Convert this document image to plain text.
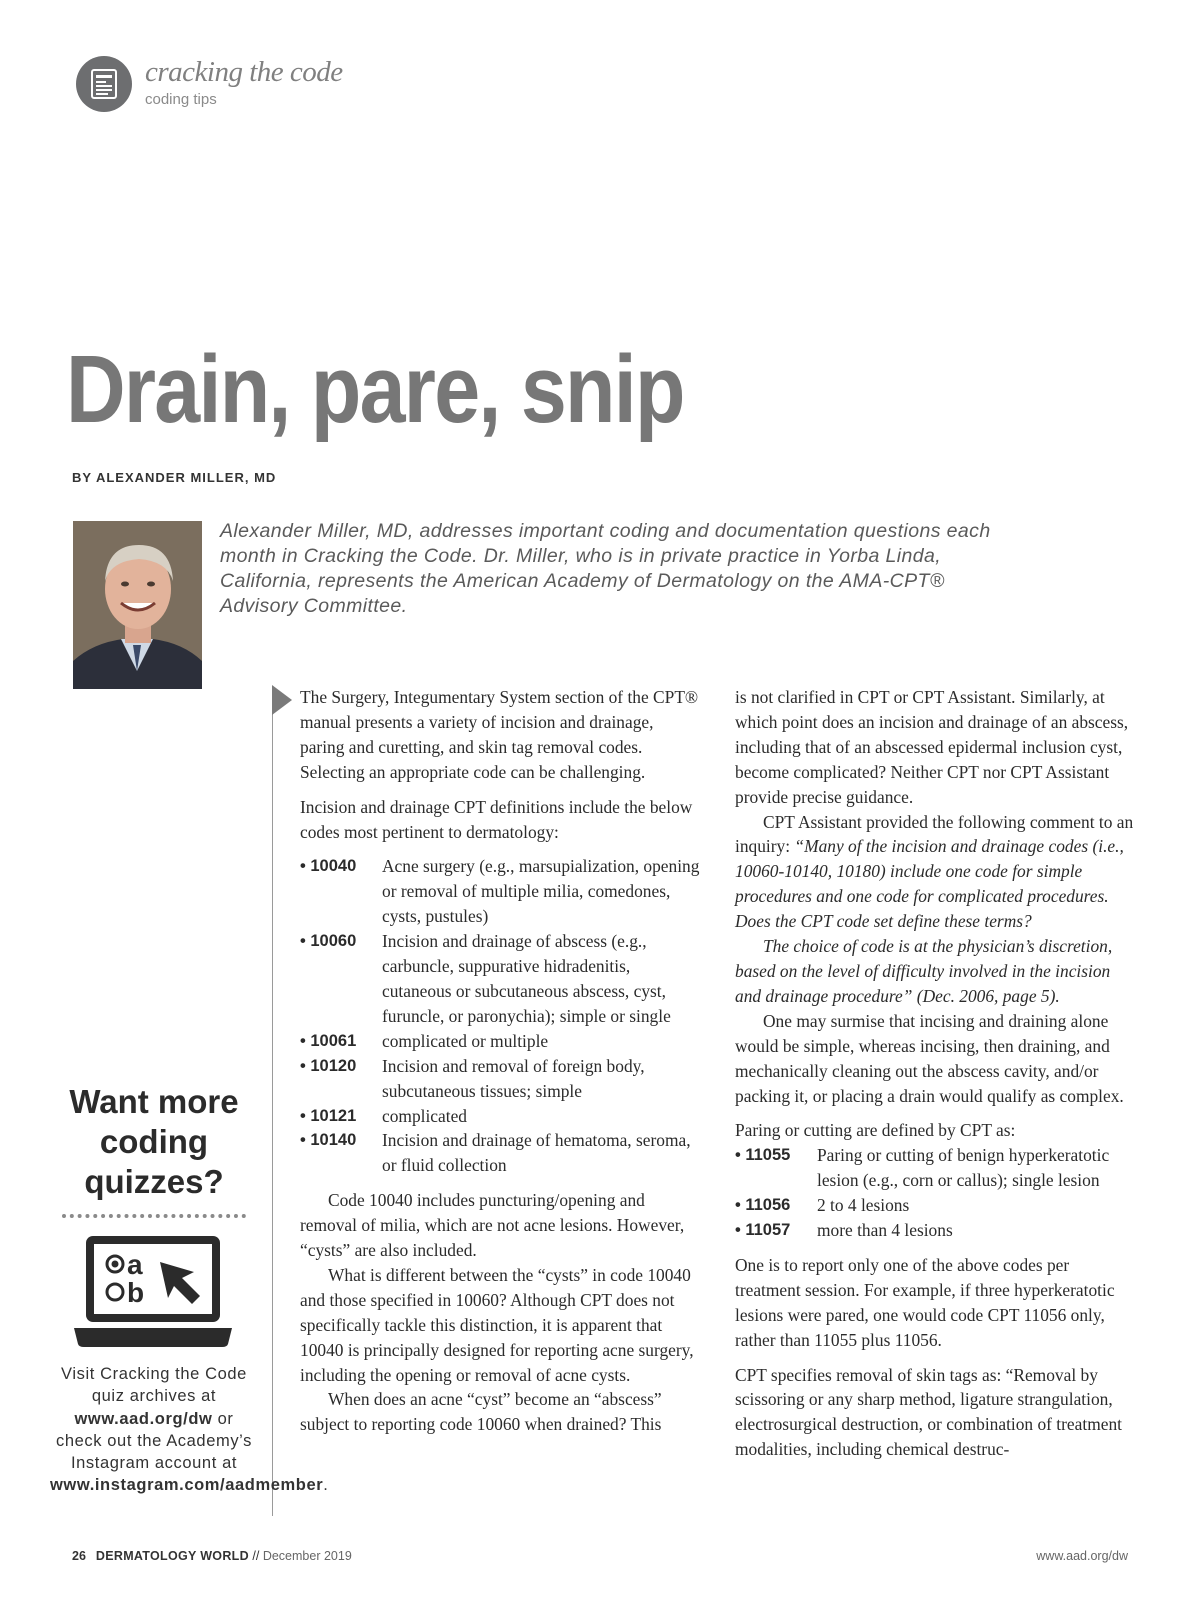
cracking the code
coding tips
Drain, pare, snip
BY ALEXANDER MILLER, MD
Alexander Miller, MD, addresses important coding and documentation questions each month in Cracking the Code. Dr. Miller, who is in private practice in Yorba Linda, California, represents the American Academy of Dermatology on the AMA-CPT® Advisory Committee.
Want more coding quizzes?
a
b
Visit Cracking the Code quiz archives at www.aad.org/dw or check out the Academy’s Instagram account at www.instagram.com/aadmember.

The Surgery, Integumentary System section of the CPT® manual presents a variety of incision and drainage, paring and curetting, and skin tag removal codes. Selecting an appropriate code can be challenging.

Incision and drainage CPT definitions include the below codes most pertinent to dermatology:

• 10040	Acne surgery (e.g., marsupialization, opening or removal of multiple milia, comedones, cysts, pustules)
• 10060	Incision and drainage of abscess (e.g., carbuncle, suppurative hidradenitis, cutaneous or subcutaneous abscess, cyst, furuncle, or paronychia); simple or single
• 10061	complicated or multiple
• 10120	Incision and removal of foreign body, subcutaneous tissues; simple
• 10121	complicated
• 10140	Incision and drainage of hematoma, seroma, or fluid collection

Code 10040 includes puncturing/opening and removal of milia, which are not acne lesions. However, “cysts” are also included.

What is different between the “cysts” in code 10040 and those specified in 10060? Although CPT does not specifically tackle this distinction, it is apparent that 10040 is principally designed for reporting acne surgery, including the opening or removal of acne cysts.

When does an acne “cyst” become an “abscess” subject to reporting code 10060 when drained? This

is not clarified in CPT or CPT Assistant. Similarly, at which point does an incision and drainage of an abscess, including that of an abscessed epidermal inclusion cyst, become complicated? Neither CPT nor CPT Assistant provide precise guidance.

CPT Assistant provided the following comment to an inquiry: “Many of the incision and drainage codes (i.e., 10060-10140, 10180) include one code for simple procedures and one code for complicated procedures. Does the CPT code set define these terms?

The choice of code is at the physician’s discretion, based on the level of difficulty involved in the incision and drainage procedure” (Dec. 2006, page 5).

One may surmise that incising and draining alone would be simple, whereas incising, then draining, and mechanically cleaning out the abscess cavity, and/or packing it, or placing a drain would qualify as complex.

Paring or cutting are defined by CPT as:

• 11055	Paring or cutting of benign hyperkeratotic lesion (e.g., corn or callus); single lesion
• 11056	2 to 4 lesions
• 11057	more than 4 lesions

One is to report only one of the above codes per treatment session. For example, if three hyperkeratotic lesions were pared, one would code CPT 11056 only, rather than 11055 plus 11056.

CPT specifies removal of skin tags as: “Removal by scissoring or any sharp method, ligature strangulation, electrosurgical destruction, or combination of treatment modalities, including chemical destruc-

26 DERMATOLOGY WORLD // December 2019	www.aad.org/dw
